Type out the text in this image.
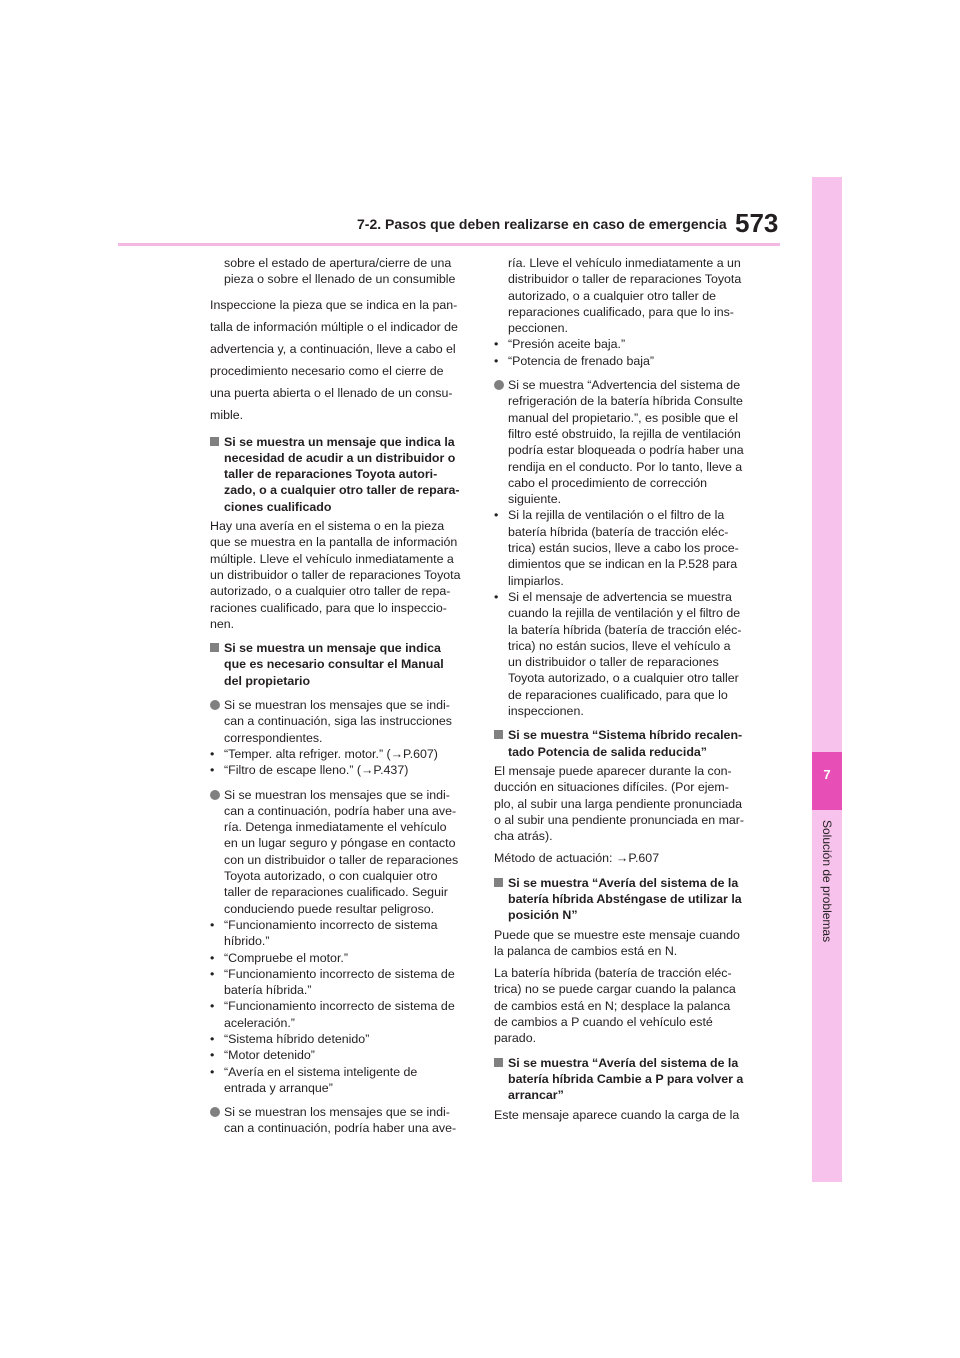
7-2. Pasos que deben realizarse en caso de emergencia 573
7
Solución de problemas

sobre el estado de apertura/cierre de una

pieza o sobre el llenado de un consumible

Inspeccione la pieza que se indica en la pan-

talla de información múltiple o el indicador de

advertencia y, a continuación, lleve a cabo el

procedimiento necesario como el cierre de

una puerta abierta o el llenado de un consu-

mible.

Si se muestra un mensaje que indica la

necesidad de acudir a un distribuidor o

taller de reparaciones Toyota autori-

zado, o a cualquier otro taller de repara-

ciones cualificado

Hay una avería en el sistema o en la pieza

que se muestra en la pantalla de información

múltiple. Lleve el vehículo inmediatamente a

un distribuidor o taller de reparaciones Toyota

autorizado, o a cualquier otro taller de repa-

raciones cualificado, para que lo inspeccio-

nen.

Si se muestra un mensaje que indica

que es necesario consultar el Manual

del propietario

Si se muestran los mensajes que se indi-

can a continuación, siga las instrucciones

correspondientes.

• “Temper. alta refriger. motor.” (→P.607)

• “Filtro de escape lleno.” (→P.437)

Si se muestran los mensajes que se indi-

can a continuación, podría haber una ave-

ría. Detenga inmediatamente el vehículo

en un lugar seguro y póngase en contacto

con un distribuidor o taller de reparaciones

Toyota autorizado, o con cualquier otro

taller de reparaciones cualificado. Seguir

conduciendo puede resultar peligroso.

• “Funcionamiento incorrecto de sistema

híbrido.”

• “Compruebe el motor.”

• “Funcionamiento incorrecto de sistema de

batería híbrida.”

• “Funcionamiento incorrecto de sistema de

aceleración.”

• “Sistema híbrido detenido”

• “Motor detenido”

• “Avería en el sistema inteligente de

entrada y arranque”

Si se muestran los mensajes que se indi-

can a continuación, podría haber una ave-

ría. Lleve el vehículo inmediatamente a un

distribuidor o taller de reparaciones Toyota

autorizado, o a cualquier otro taller de

reparaciones cualificado, para que lo ins-

peccionen.

• “Presión aceite baja.”

• “Potencia de frenado baja”

Si se muestra “Advertencia del sistema de

refrigeración de la batería híbrida Consulte

manual del propietario.”, es posible que el

filtro esté obstruido, la rejilla de ventilación

podría estar bloqueada o podría haber una

rendija en el conducto. Por lo tanto, lleve a

cabo el procedimiento de corrección

siguiente.

• Si la rejilla de ventilación o el filtro de la

batería híbrida (batería de tracción eléc-

trica) están sucios, lleve a cabo los proce-

dimientos que se indican en la P.528 para

limpiarlos.

• Si el mensaje de advertencia se muestra

cuando la rejilla de ventilación y el filtro de

la batería híbrida (batería de tracción eléc-

trica) no están sucios, lleve el vehículo a

un distribuidor o taller de reparaciones

Toyota autorizado, o a cualquier otro taller

de reparaciones cualificado, para que lo

inspeccionen.

Si se muestra “Sistema híbrido recalen-

tado Potencia de salida reducida”

El mensaje puede aparecer durante la con-

ducción en situaciones difíciles. (Por ejem-

plo, al subir una larga pendiente pronunciada

o al subir una pendiente pronunciada en mar-

cha atrás).

Método de actuación: →P.607

Si se muestra “Avería del sistema de la

batería híbrida Absténgase de utilizar la

posición N”

Puede que se muestre este mensaje cuando

la palanca de cambios está en N.

La batería híbrida (batería de tracción eléc-

trica) no se puede cargar cuando la palanca

de cambios está en N; desplace la palanca

de cambios a P cuando el vehículo esté

parado.

Si se muestra “Avería del sistema de la

batería híbrida Cambie a P para volver a

arrancar”

Este mensaje aparece cuando la carga de la
